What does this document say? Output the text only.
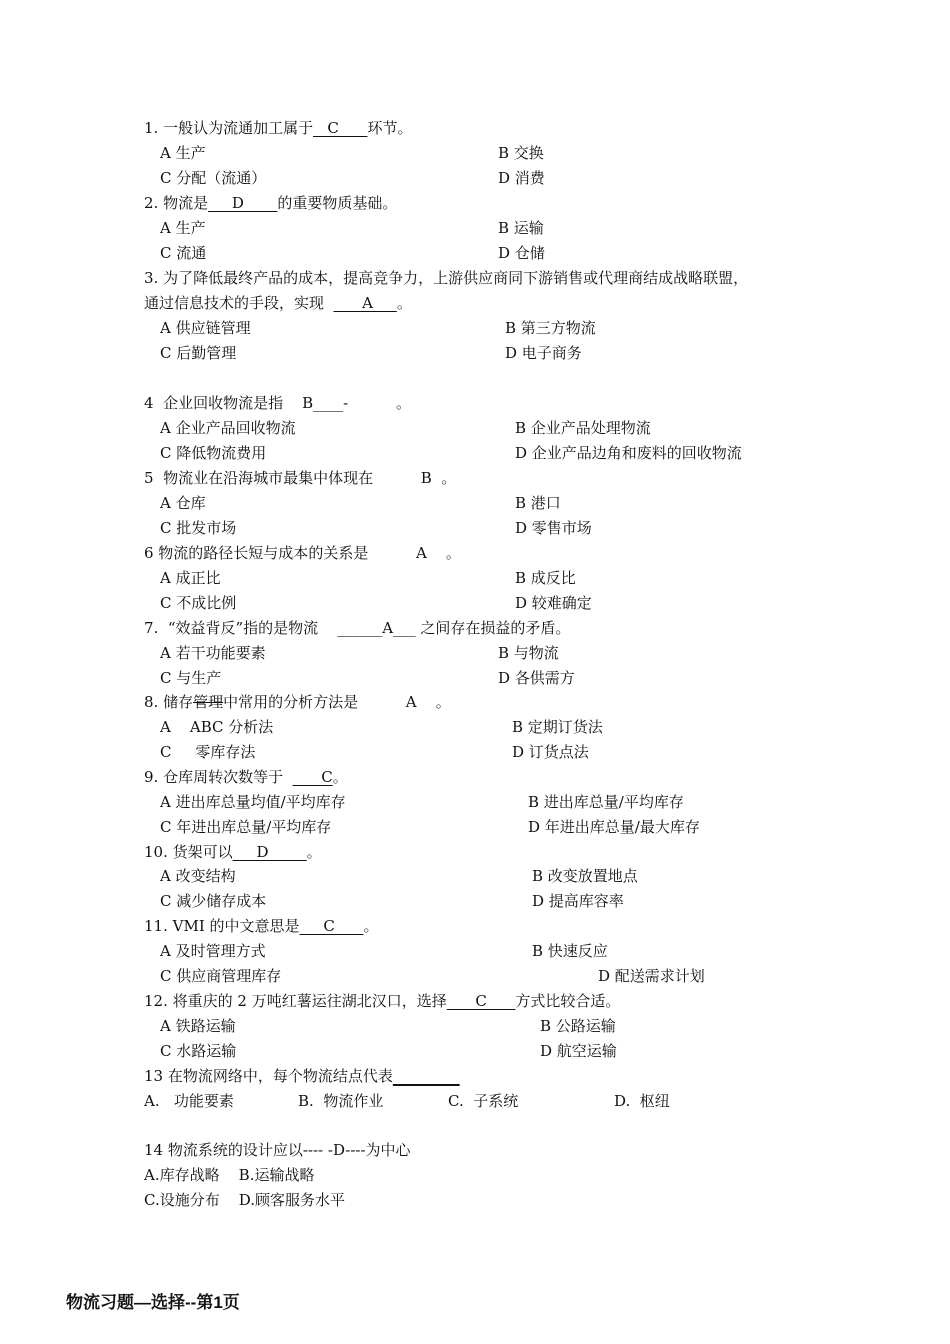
1. 一般认为流通加工属于   C      环节。
A 生产	B 交换
C 分配（流通）	D 消费
2. 物流是     D       的重要物质基础。
A 生产	B 运输
C 流通	D 仓储
3. 为了降低最终产品的成本，提高竞争力，上游供应商同下游销售或代理商结成战略联盟，
通过信息技术的手段，实现        A     。
A 供应链管理	B 第三方物流
C 后勤管理	D 电子商务
4  企业回收物流是指    B____-          。
A 企业产品回收物流	B 企业产品处理物流
C 降低物流费用	D 企业产品边角和废料的回收物流
5  物流业在沿海城市最集中体现在          B  。
A 仓库	B 港口
C 批发市场	D 零售市场
6 物流的路径长短与成本的关系是          A    。
A 成正比	B 成反比
C 不成比例	D 较难确定
7.  “效益背反”指的是物流    ______A___ 之间存在损益的矛盾。
A 若干功能要素	B 与物流
C 与生产	D 各供需方
8. 储存管理中常用的分析方法是          A    。
A    ABC 分析法	B 定期订货法
C     零库存法	D 订货点法
9. 仓库周转次数等于        C。
A 进出库总量均值/平均库存	B 进出库总量/平均库存
C 年进出库总量/平均库存	D 年进出库总量/最大库存
10. 货架可以     D        。
A 改变结构	B 改变放置地点
C 减少储存成本	D 提高库容率
11. VMI 的中文意思是     C      。
A 及时管理方式	B 快速反应
C 供应商管理库存	D 配送需求计划
12. 将重庆的 2 万吨红薯运往湖北汉口，选择      C      方式比较合适。
A 铁路运输	B 公路运输
C 水路运输	D 航空运输
13 在物流网络中，每个物流结点代表
A.   功能要素	B.  物流作业	C.  子系统	D.  枢纽
14 物流系统的设计应以---- -D----为中心
A.库存战略    B.运输战略
C.设施分布    D.顾客服务水平
物流习题—选择--第1页
